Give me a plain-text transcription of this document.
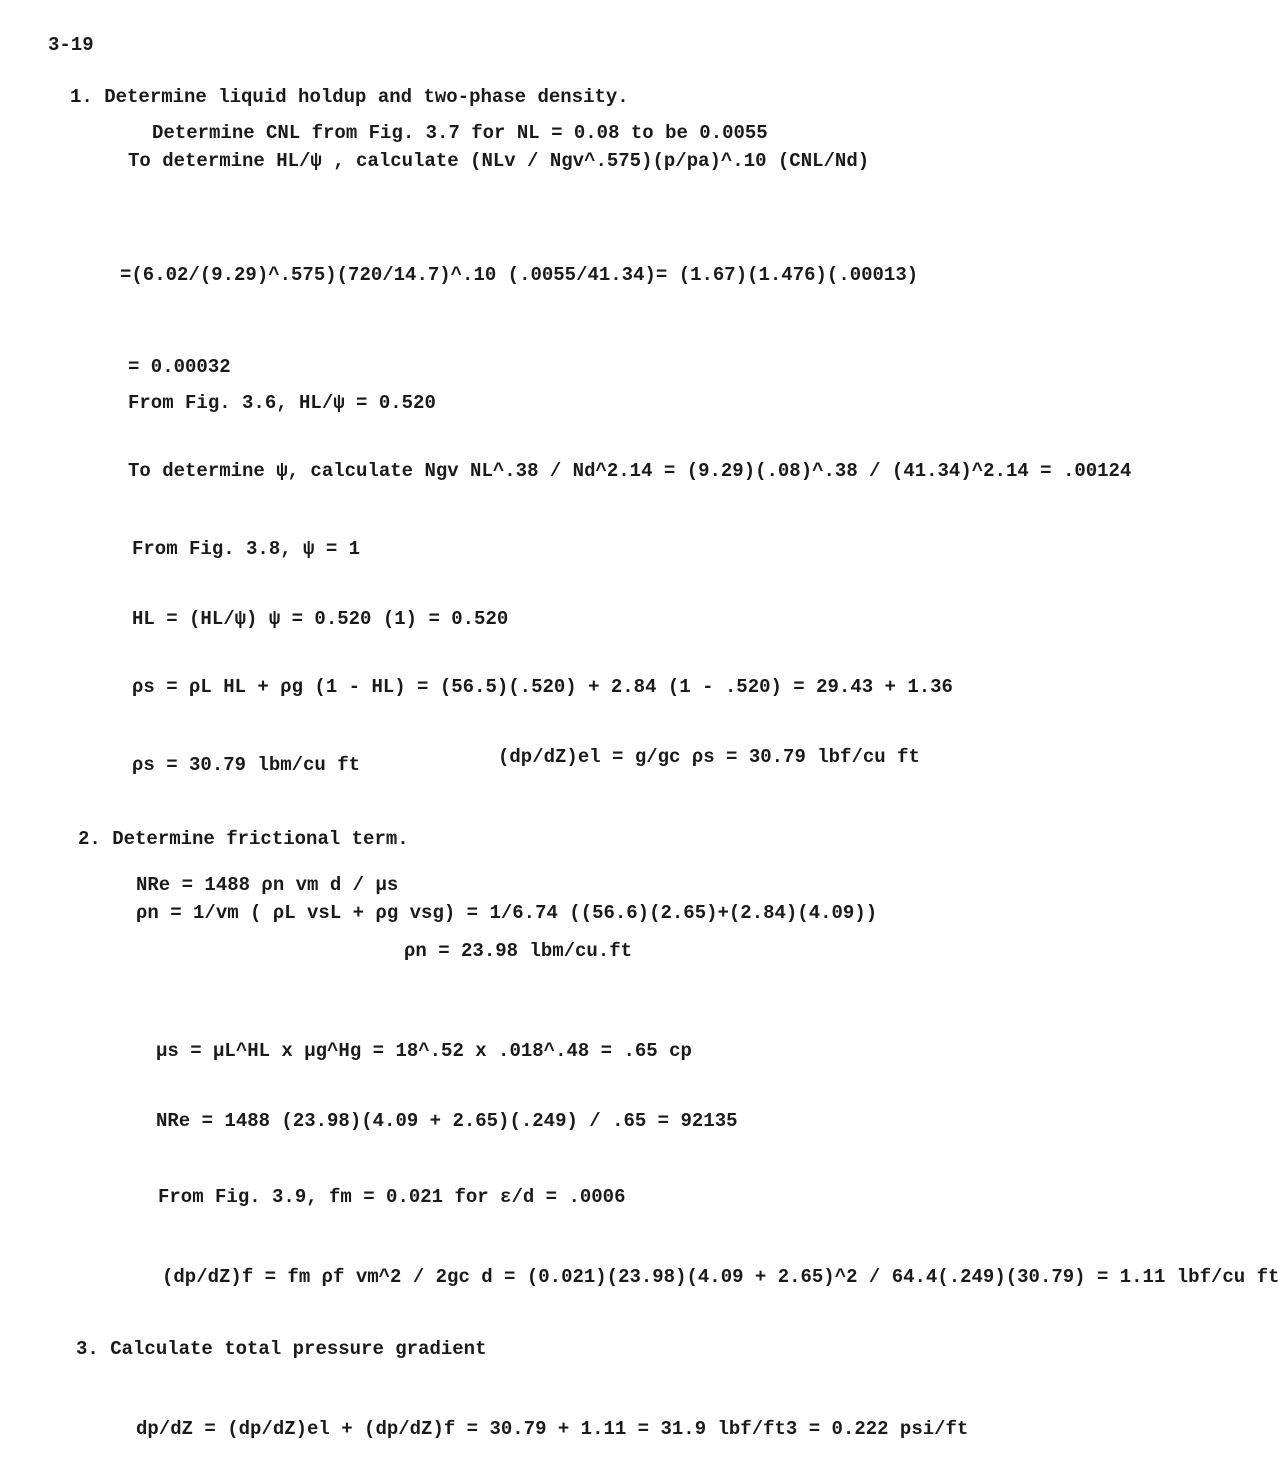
3-19
1. Determine liquid holdup and two-phase density.
Determine CNL from Fig. 3.7 for NL = 0.08 to be 0.0055
To determine HL/ψ , calculate (NLv / Ngv^.575)(p/pa)^.10 (CNL/Nd)
=(6.02/(9.29)^.575)(720/14.7)^.10 (.0055/41.34)= (1.67)(1.476)(.00013)
= 0.00032
From Fig. 3.6, HL/ψ = 0.520
To determine ψ, calculate Ngv NL^.38 / Nd^2.14 = (9.29)(.08)^.38 / (41.34)^2.14 = .00124
From Fig. 3.8, ψ = 1
HL = (HL/ψ) ψ = 0.520 (1) = 0.520
ρs = ρL HL + ρg (1 - HL) = (56.5)(.520) + 2.84 (1 - .520) = 29.43 + 1.36
ρs = 30.79 lbm/cu ft	(dp/dZ)el = g/gc ρs = 30.79 lbf/cu ft
2. Determine frictional term.
NRe = 1488 ρn vm d / μs
ρn = 1/vm ( ρL vsL + ρg vsg) = 1/6.74 ((56.6)(2.65)+(2.84)(4.09))
ρn = 23.98 lbm/cu.ft
μs = μL^HL x μg^Hg = 18^.52 x .018^.48 = .65 cp
NRe = 1488 (23.98)(4.09 + 2.65)(.249) / .65 = 92135
From Fig. 3.9, fm = 0.021 for ε/d = .0006
(dp/dZ)f = fm ρf vm^2 / 2gc d = (0.021)(23.98)(4.09 + 2.65)^2 / 64.4(.249)(30.79) = 1.11 lbf/cu ft
3. Calculate total pressure gradient
dp/dZ = (dp/dZ)el + (dp/dZ)f = 30.79 + 1.11 = 31.9 lbf/ft3 = 0.222 psi/ft
